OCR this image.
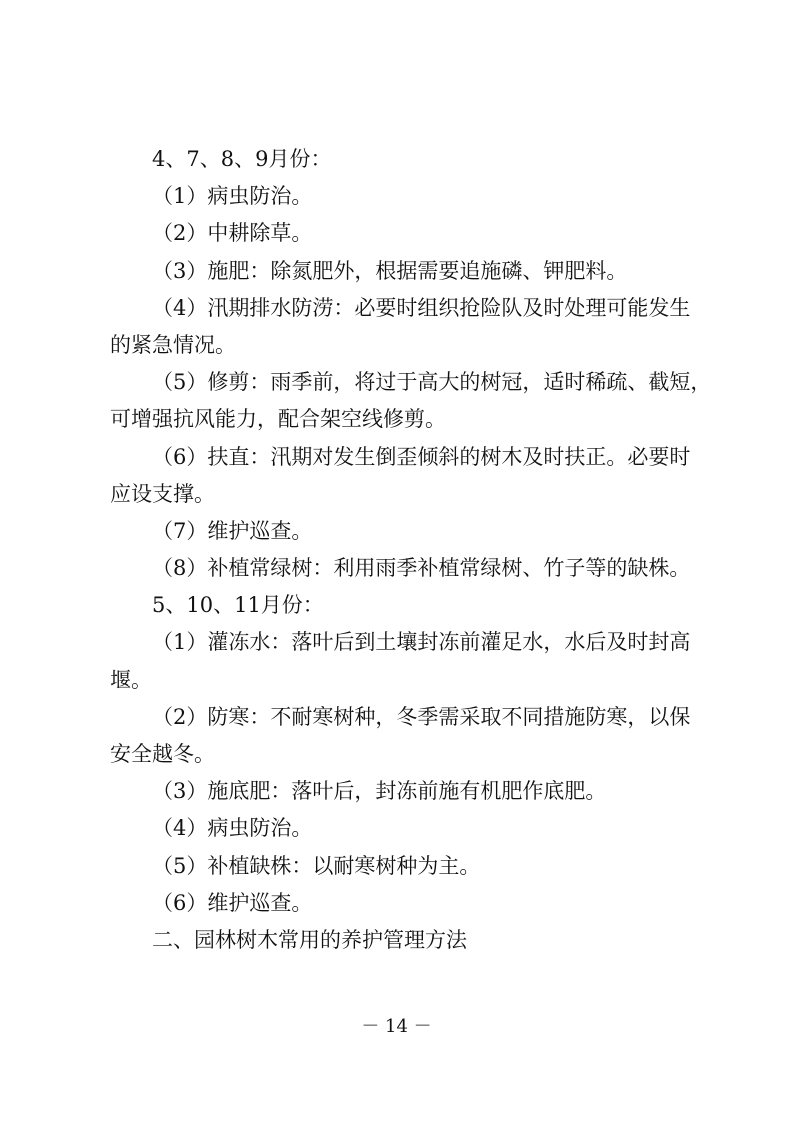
4、7、8、9月份：
（1）病虫防治。
（2）中耕除草。
（3）施肥：除氮肥外，根据需要追施磷、钾肥料。
（4）汛期排水防涝：必要时组织抢险队及时处理可能发生
的紧急情况。
（5）修剪：雨季前，将过于高大的树冠，适时稀疏、截短，
可增强抗风能力，配合架空线修剪。
（6）扶直：汛期对发生倒歪倾斜的树木及时扶正。必要时
应设支撑。
（7）维护巡查。
（8）补植常绿树：利用雨季补植常绿树、竹子等的缺株。
5、10、11月份：
（1）灌冻水：落叶后到土壤封冻前灌足水，水后及时封高
堰。
（2）防寒：不耐寒树种，冬季需采取不同措施防寒，以保
安全越冬。
（3）施底肥：落叶后，封冻前施有机肥作底肥。
（4）病虫防治。
（5）补植缺株：以耐寒树种为主。
（6）维护巡查。
二、园林树木常用的养护管理方法
－ 14 －
